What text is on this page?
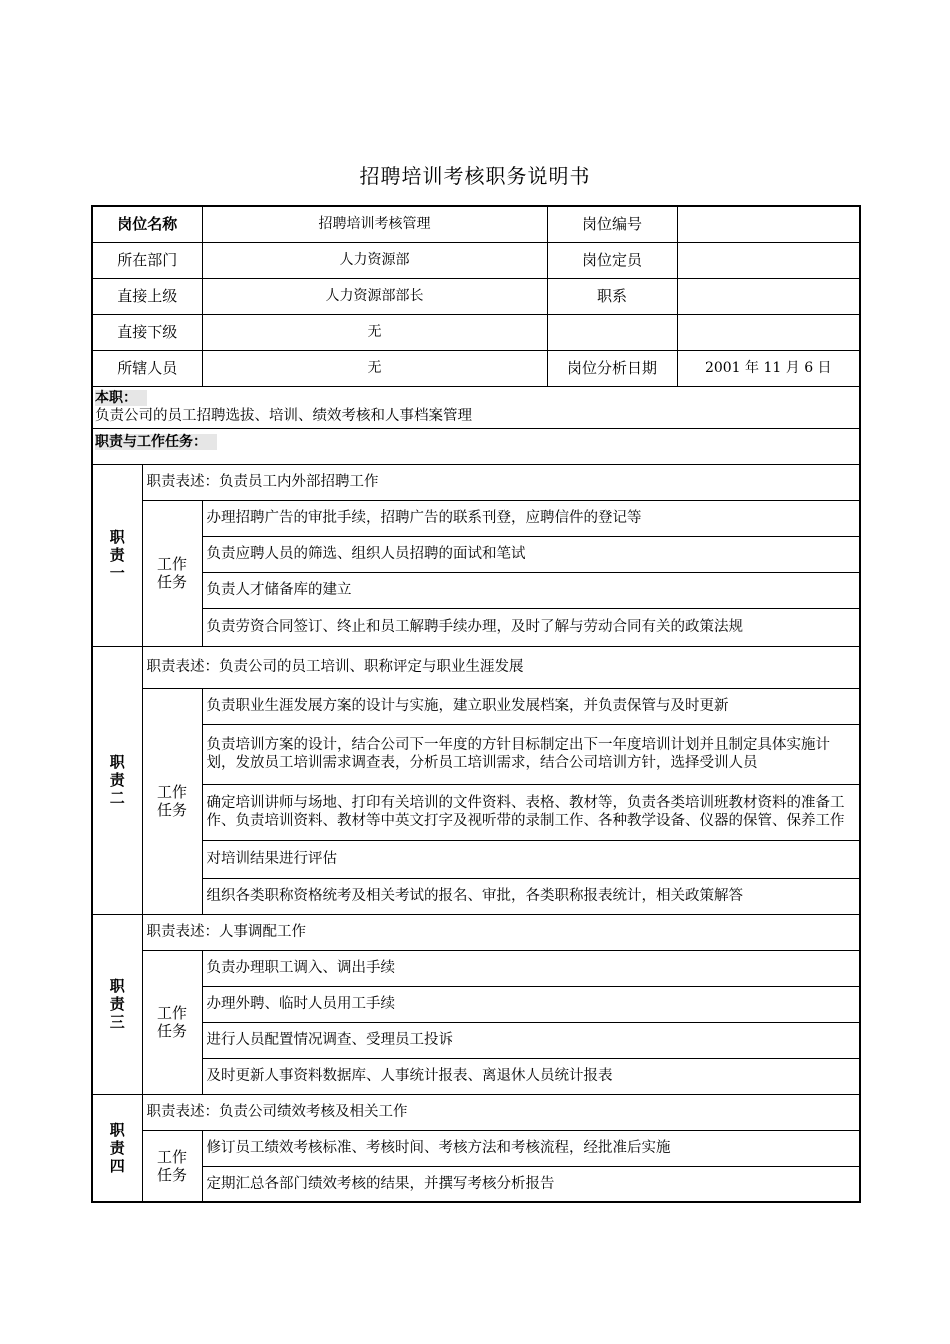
招聘培训考核职务说明书
岗位名称		招聘培训考核管理	岗位编号	
所在部门		人力资源部	岗位定员	
直接上级		人力资源部部长	职系	
直接下级		无		
所辖人员		无	岗位分析日期	2001 年 11 月 6 日

本职：
负责公司的员工招聘选拔、培训、绩效考核和人事档案管理				

职责与工作任务：				

职
责
一	职责表述：负责员工内外部招聘工作			

	工作
任务	办理招聘广告的审批手续，招聘广告的联系刊登，应聘信件的登记等		
		负责应聘人员的筛选、组织人员招聘的面试和笔试		
		负责人才储备库的建立		
		负责劳资合同签订、终止和员工解聘手续办理，及时了解与劳动合同有关的政策法规		

职
责
二	职责表述：负责公司的员工培训、职称评定与职业生涯发展			

	工作
任务	负责职业生涯发展方案的设计与实施，建立职业发展档案，并负责保管与及时更新		
		负责培训方案的设计，结合公司下一年度的方针目标制定出下一年度培训计划并且制定具体实施计划，发放员工培训需求调查表，分析员工培训需求，结合公司培训方针，选择受训人员		
		确定培训讲师与场地、打印有关培训的文件资料、表格、教材等，负责各类培训班教材资料的准备工作、负责培训资料、教材等中英文打字及视听带的录制工作、各种教学设备、仪器的保管、保养工作		
		对培训结果进行评估		
		组织各类职称资格统考及相关考试的报名、审批，各类职称报表统计，相关政策解答		

职
责
三	职责表述：人事调配工作			

	工作
任务	负责办理职工调入、调出手续		
		办理外聘、临时人员用工手续		
		进行人员配置情况调查、受理员工投诉		
		及时更新人事资料数据库、人事统计报表、离退休人员统计报表		

职
责
四	职责表述：负责公司绩效考核及相关工作			

	工作
任务	修订员工绩效考核标准、考核时间、考核方法和考核流程，经批准后实施		
		定期汇总各部门绩效考核的结果，并撰写考核分析报告		
